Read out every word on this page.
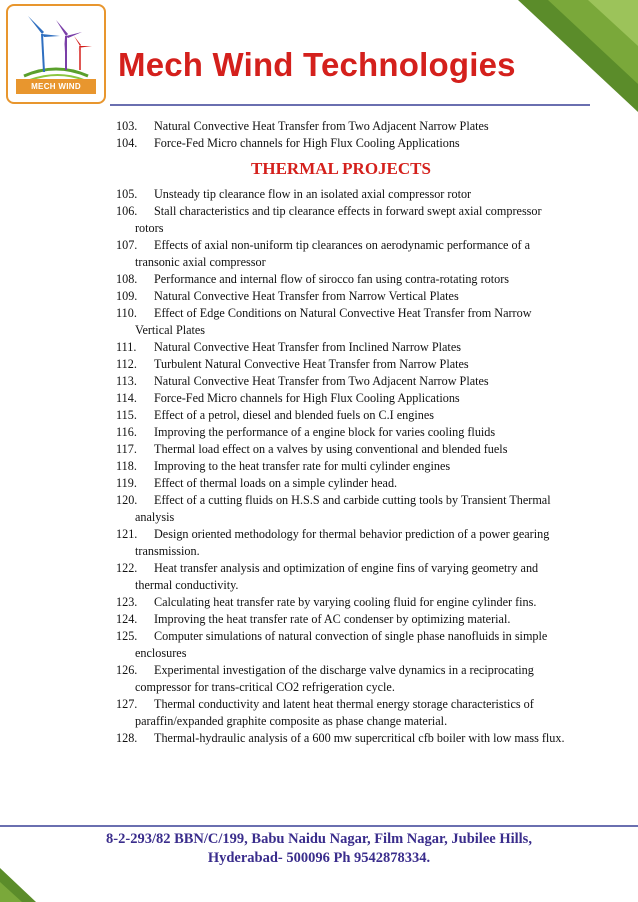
MECH WIND
Mech Wind Technologies
103. Natural Convective Heat Transfer from Two Adjacent Narrow Plates
104. Force-Fed Micro channels for High Flux Cooling Applications
THERMAL PROJECTS
105. Unsteady tip clearance flow in an isolated axial compressor rotor
106. Stall characteristics and tip clearance effects in forward swept axial compressor rotors
107. Effects of axial non-uniform tip clearances on aerodynamic performance of a transonic axial compressor
108. Performance and internal flow of sirocco fan using contra-rotating rotors
109. Natural Convective Heat Transfer from Narrow Vertical Plates
110. Effect of Edge Conditions on Natural Convective Heat Transfer from Narrow Vertical Plates
111. Natural Convective Heat Transfer from Inclined Narrow Plates
112. Turbulent Natural Convective Heat Transfer from Narrow Plates
113. Natural Convective Heat Transfer from Two Adjacent Narrow Plates
114. Force-Fed Micro channels for High Flux Cooling Applications
115. Effect of a petrol, diesel and blended fuels on C.I engines
116. Improving the performance of a engine block for varies cooling fluids
117. Thermal load effect on a valves by using conventional and blended fuels
118. Improving to the heat transfer rate for multi cylinder engines
119. Effect of thermal loads on a simple cylinder head.
120. Effect of a cutting fluids on H.S.S and carbide cutting tools by Transient Thermal analysis
121. Design oriented methodology for thermal behavior prediction of a power gearing transmission.
122. Heat transfer analysis and optimization of engine fins of varying geometry and thermal conductivity.
123. Calculating heat transfer rate by varying cooling fluid for engine cylinder fins.
124. Improving the heat transfer rate of AC condenser by optimizing material.
125. Computer simulations of natural convection of single phase nanofluids in simple enclosures
126. Experimental investigation of the discharge valve dynamics in a reciprocating compressor for trans-critical CO2 refrigeration cycle.
127. Thermal conductivity and latent heat thermal energy storage characteristics of paraffin/expanded graphite composite as phase change material.
128. Thermal-hydraulic analysis of a 600 mw supercritical cfb boiler with low mass flux.
8-2-293/82 BBN/C/199, Babu Naidu Nagar, Film Nagar, Jubilee Hills,
Hyderabad- 500096 Ph 9542878334.
